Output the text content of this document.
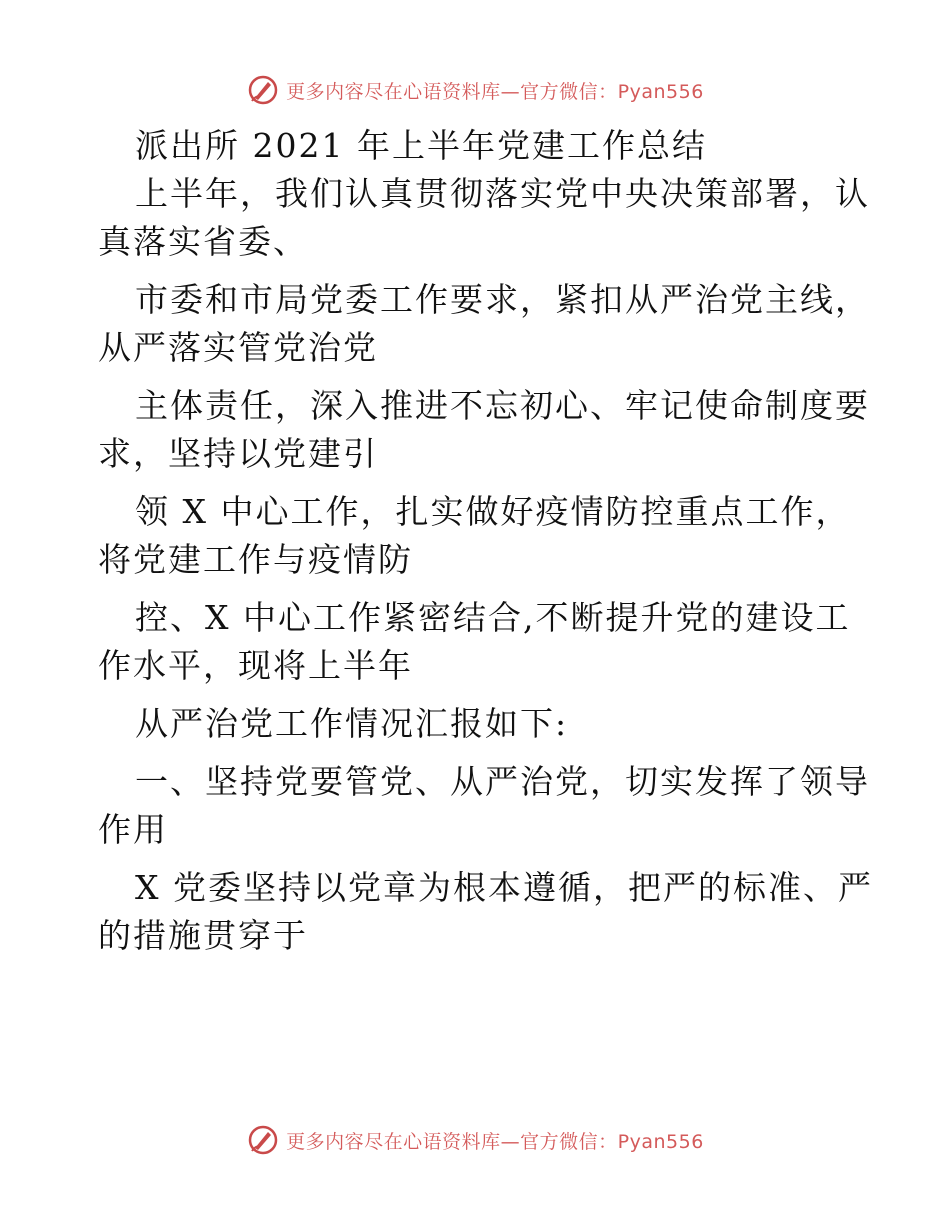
更多内容尽在心语资料库—官方微信：Pyan556
派出所 2021 年上半年党建工作总结
上半年，我们认真贯彻落实党中央决策部署，认
真落实省委、
市委和市局党委工作要求，紧扣从严治党主线，
从严落实管党治党
主体责任，深入推进不忘初心、牢记使命制度要
求，坚持以党建引
领 X 中心工作，扎实做好疫情防控重点工作，
将党建工作与疫情防
控、X 中心工作紧密结合,不断提升党的建设工
作水平，现将上半年
从严治党工作情况汇报如下:
一、坚持党要管党、从严治党，切实发挥了领导
作用
X 党委坚持以党章为根本遵循，把严的标准、严
的措施贯穿于
更多内容尽在心语资料库—官方微信：Pyan556
